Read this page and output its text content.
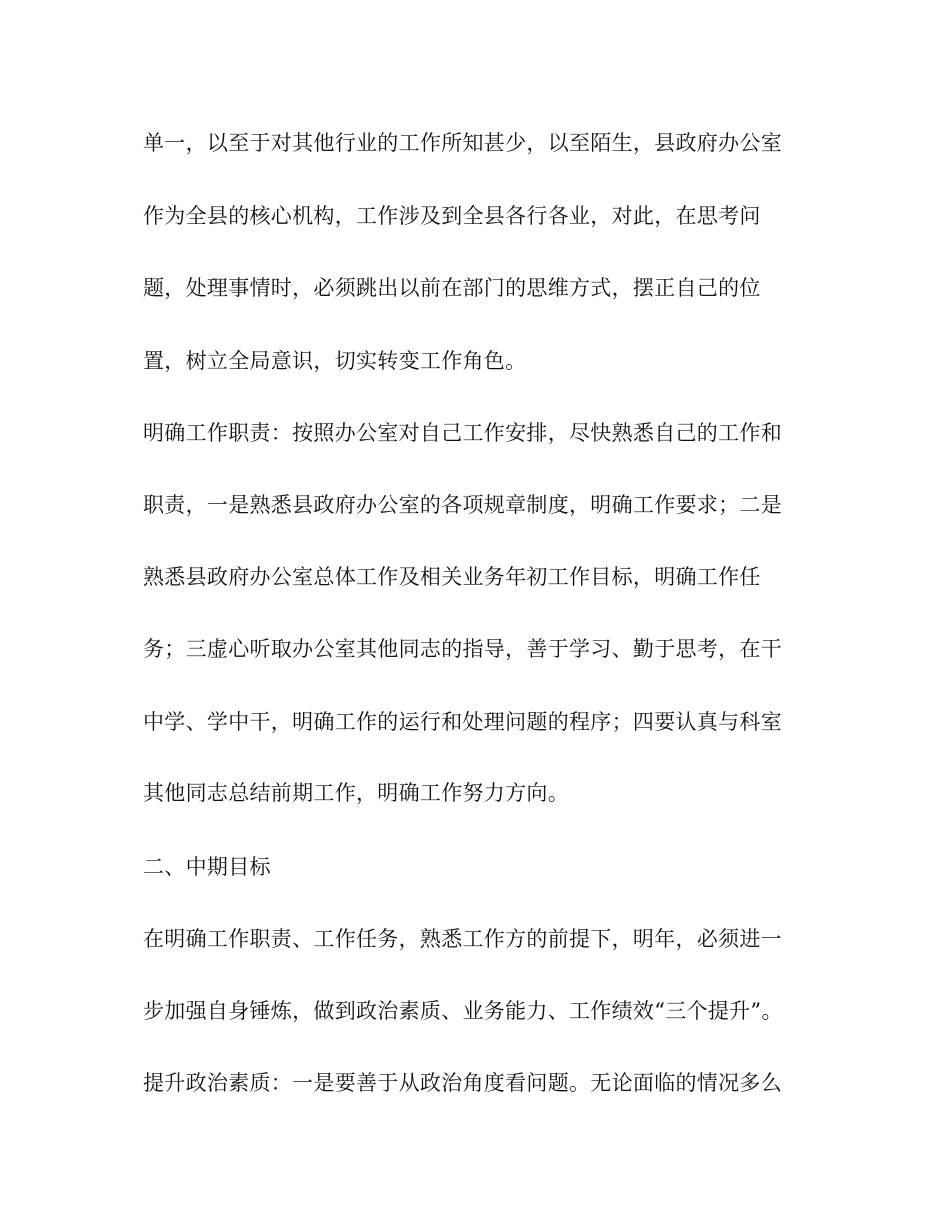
单一，以至于对其他行业的工作所知甚少，以至陌生，县政府办公室
作为全县的核心机构，工作涉及到全县各行各业，对此，在思考问
题，处理事情时，必须跳出以前在部门的思维方式，摆正自己的位
置，树立全局意识，切实转变工作角色。
明确工作职责：按照办公室对自己工作安排，尽快熟悉自己的工作和
职责，一是熟悉县政府办公室的各项规章制度，明确工作要求；二是
熟悉县政府办公室总体工作及相关业务年初工作目标，明确工作任
务；三虚心听取办公室其他同志的指导，善于学习、勤于思考，在干
中学、学中干，明确工作的运行和处理问题的程序；四要认真与科室
其他同志总结前期工作，明确工作努力方向。
二、中期目标
在明确工作职责、工作任务，熟悉工作方的前提下，明年，必须进一
步加强自身锤炼，做到政治素质、业务能力、工作绩效“三个提升”。
提升政治素质：一是要善于从政治角度看问题。无论面临的情况多么
